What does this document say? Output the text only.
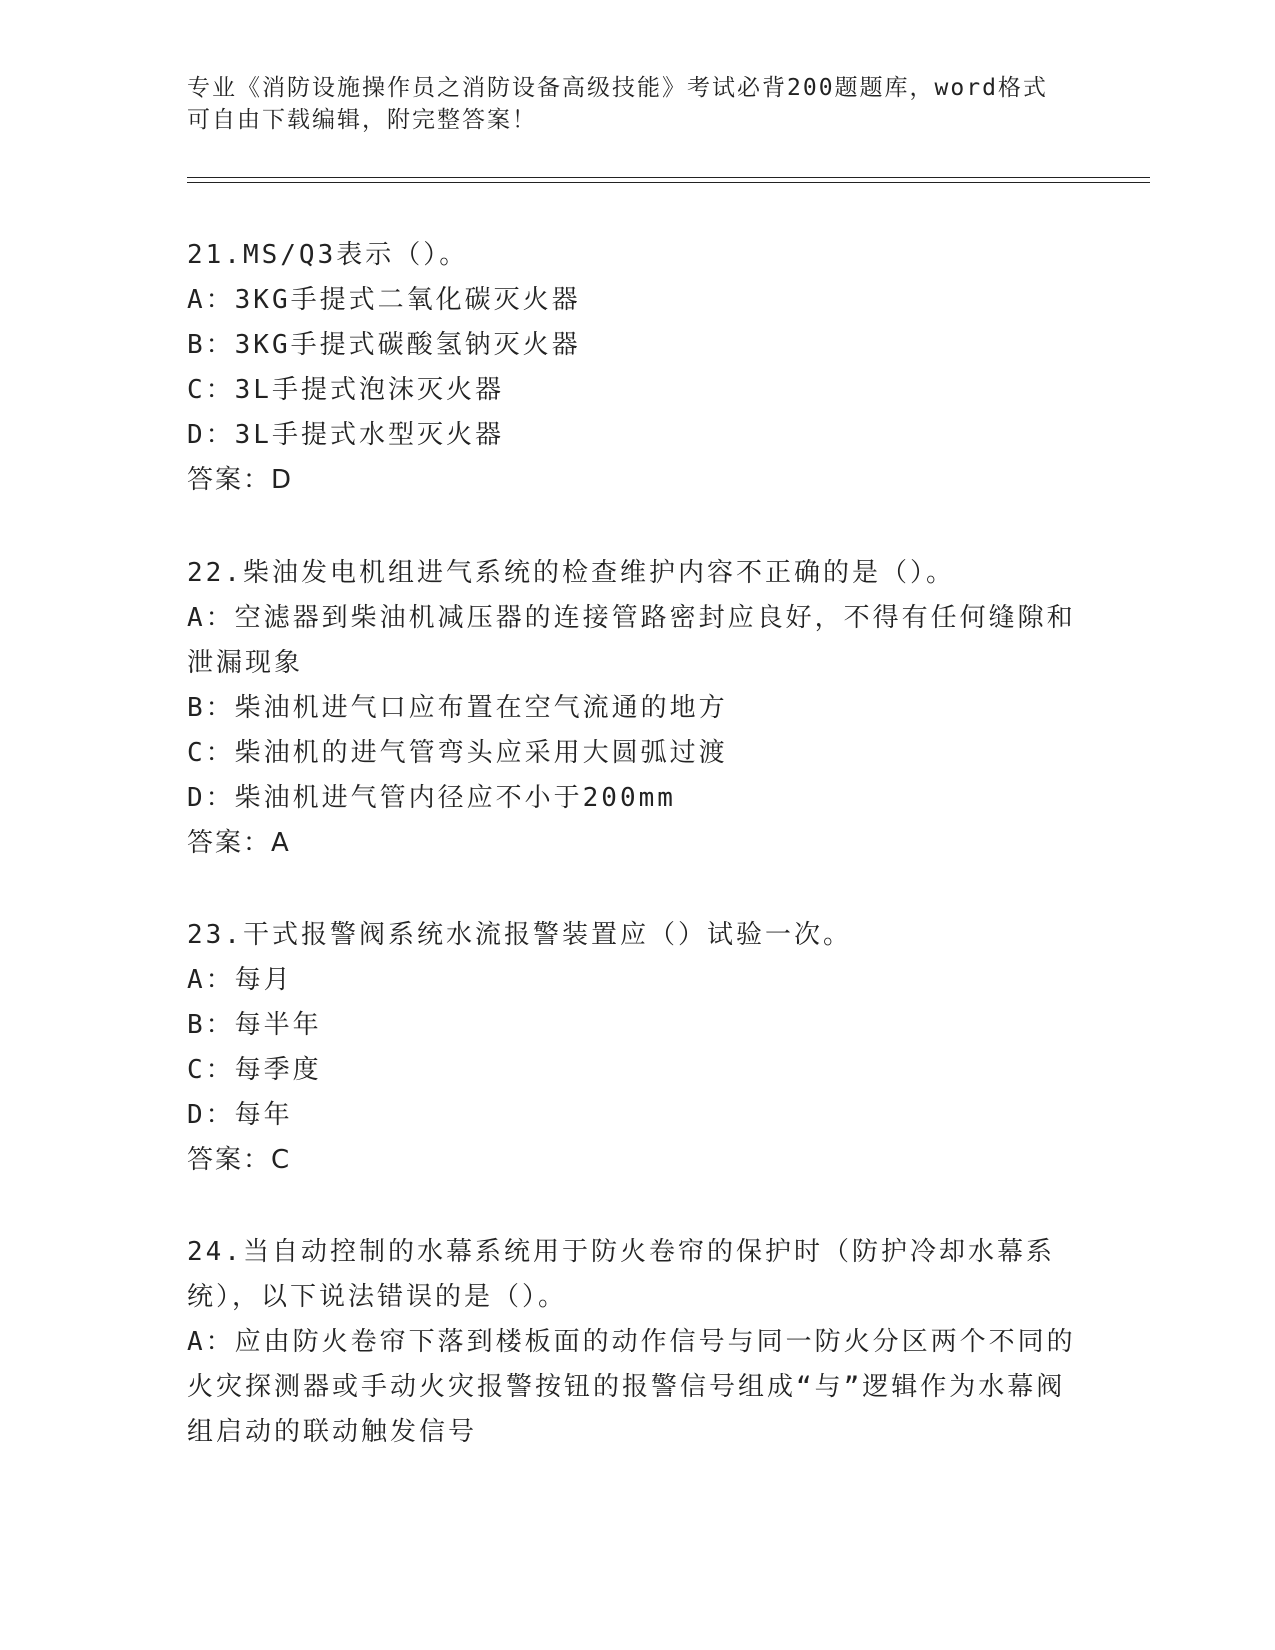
专业《消防设施操作员之消防设备高级技能》考试必背200题题库，word格式可自由下载编辑，附完整答案！

21.MS/Q3表示（）。

A：3KG手提式二氧化碳灭火器

B：3KG手提式碳酸氢钠灭火器

C：3L手提式泡沫灭火器

D：3L手提式水型灭火器

答案：D

22.柴油发电机组进气系统的检查维护内容不正确的是（）。

A：空滤器到柴油机减压器的连接管路密封应良好，不得有任何缝隙和泄漏现象

B：柴油机进气口应布置在空气流通的地方

C：柴油机的进气管弯头应采用大圆弧过渡

D：柴油机进气管内径应不小于200mm

答案：A

23.干式报警阀系统水流报警装置应（）试验一次。

A：每月

B：每半年

C：每季度

D：每年

答案：C

24.当自动控制的水幕系统用于防火卷帘的保护时（防护冷却水幕系统），以下说法错误的是（）。

A：应由防火卷帘下落到楼板面的动作信号与同一防火分区两个不同的火灾探测器或手动火灾报警按钮的报警信号组成“与”逻辑作为水幕阀组启动的联动触发信号
